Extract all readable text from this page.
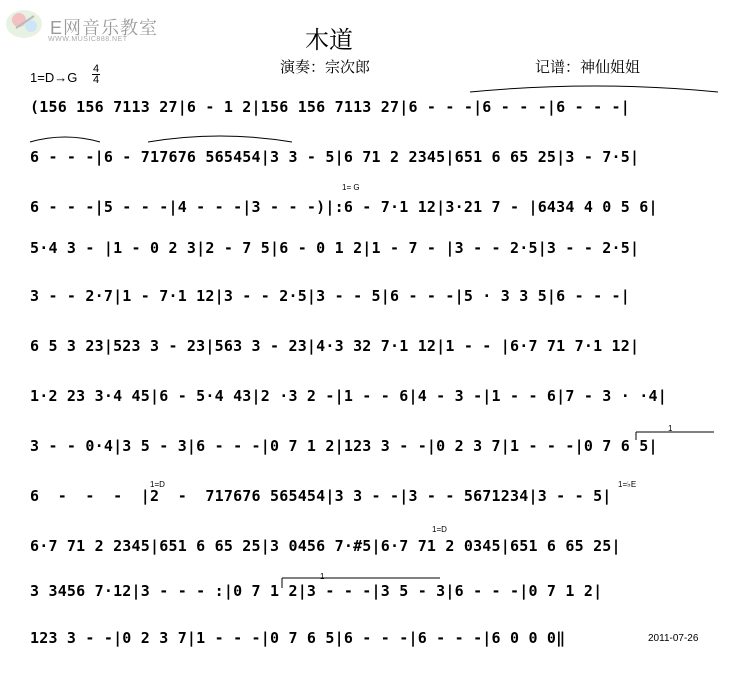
E网音乐教室
WWW.MUSIC888.NET	木道
演奏：宗次郎	记谱：神仙姐姐
1=D→G
4
4
(156 156 7113 27|6 - 1 2|156 156 7113 27|6 - - -|6 - - -|6 - - -|
6 - - -|6 - 717676 565454|3 3 - 5|6 71 2 2345|651 6 65 25|3 - 7·5|
6 - - -|5 - - -|4 - - -|3 - - -)|:6 - 7·1 12|3·21 7 - |6434 4 0 5 6|
5·4 3 - |1 - 0 2 3|2 - 7 5|6 - 0 1 2|1 - 7 - |3 - - 2·5|3 - - 2·5|
3 - - 2·7|1 - 7·1 12|3 - - 2·5|3 - - 5|6 - - -|5 · 3 3 5|6 - - -|
6 5 3 23|523 3 - 23|563 3 - 23|4·3 32 7·1 12|1 - - |6·7 71 7·1 12|
1·2 23 3·4 45|6 - 5·4 43|2 ·3 2 -|1 - - 6|4 - 3 -|1 - - 6|7 - 3 · ·4|
3 - - 0·4|3 5 - 3|6 - - -|0 7 1 2|123 3 - -|0 2 3 7|1 - - -|0 7 6 5|
6  -  -  -  |2  -  717676 565454|3 3 - -|3 - - 5671234|3 - - 5|
6·7 71 2 2345|651 6 65 25|3 0456 7·#5|6·7 71 2 0345|651 6 65 25|
3 3456 7·12|3 - - - :|0 7 1 2|3 - - -|3 5 - 3|6 - - -|0 7 1 2|
123 3 - -|0 2 3 7|1 - - -|0 7 6 5|6 - - -|6 - - -|6 0 0 0‖
1= G
1=D	1=♭E
1=D
1
1
2011-07-26
